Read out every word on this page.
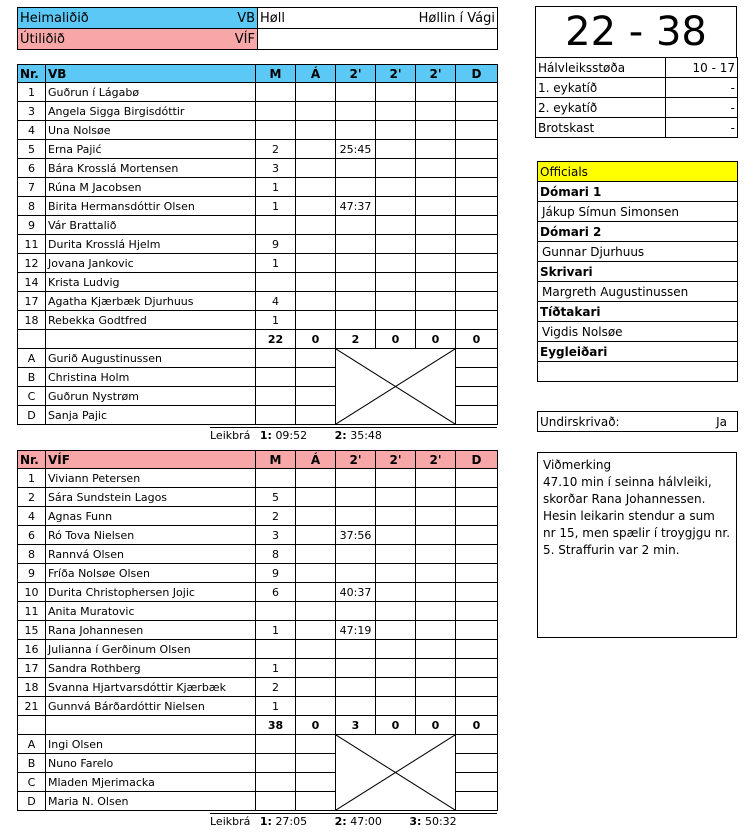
Heimaliðið VB	Høll Høllin í Vági

Útiliðið VÍF	
		22 - 38
Hálvleiksstøða	10 - 17
1. eykatíð	-
2. eykatíð	-
Brotskast	-
Nr.	VB	M	Á	2'	2'	2'	D
1	Guðrun í Lágabø						
3	Angela Sigga Birgisdóttir						
4	Una Nolsøe						
5	Erna Pajić	2		25:45			
6	Bára Krosslá Mortensen	3					
7	Rúna M Jacobsen	1					
8	Birita Hermansdóttir Olsen	1		47:37			
9	Vár Brattalið						
11	Durita Krosslá Hjelm	9					
12	Jovana Jankovic	1					
14	Krista Ludvig						
17	Agatha Kjærbæk Djurhuus	4					
18	Rebekka Godtfred	1					
		22	0	2	0	0	0
A	Gurið Augustinussen			

B	Christina Holm						
C	Guðrun Nystrøm						
D	Sanja Pajic						
Leikbrá 1: 09:52	2: 35:48
Nr.	VÍF	M	Á	2'	2'	2'	D
1	Viviann Petersen						
2	Sára Sundstein Lagos	5					
4	Agnas Funn	2					
6	Ró Tova Nielsen	3		37:56			
8	Rannvá Olsen	8					
9	Fríða Nolsøe Olsen	9					
10	Durita Christophersen Jojic	6		40:37			
11	Anita Muratovic						
15	Rana Johannesen	1		47:19			
16	Julianna í Gerðinum Olsen						
17	Sandra Rothberg	1					
18	Svanna Hjartvarsdóttir Kjærbæk	2					
21	Gunnvá Bárðardóttir Nielsen	1					
		38	0	3	0	0	0
A	Ingi Olsen			

B	Nuno Farelo						
C	Mladen Mjerimacka						
D	Maria N. Olsen						
Leikbrá 1: 27:05	2: 47:00	3: 50:32
Officials
Dómari 1
Jákup Símun Simonsen
Dómari 2
Gunnar Djurhuus
Skrivari
Margreth Augustinussen
Tíðtakari
Vigdis Nolsøe
Eygleiðari

Undirskrivað:	Ja
Viðmerking
47.10 min í seinna hálvleiki, skorðar Rana Johannessen. Hesin leikarin stendur a sum nr 15, men spælir í troygjgu nr. 5. Straffurin var 2 min.
